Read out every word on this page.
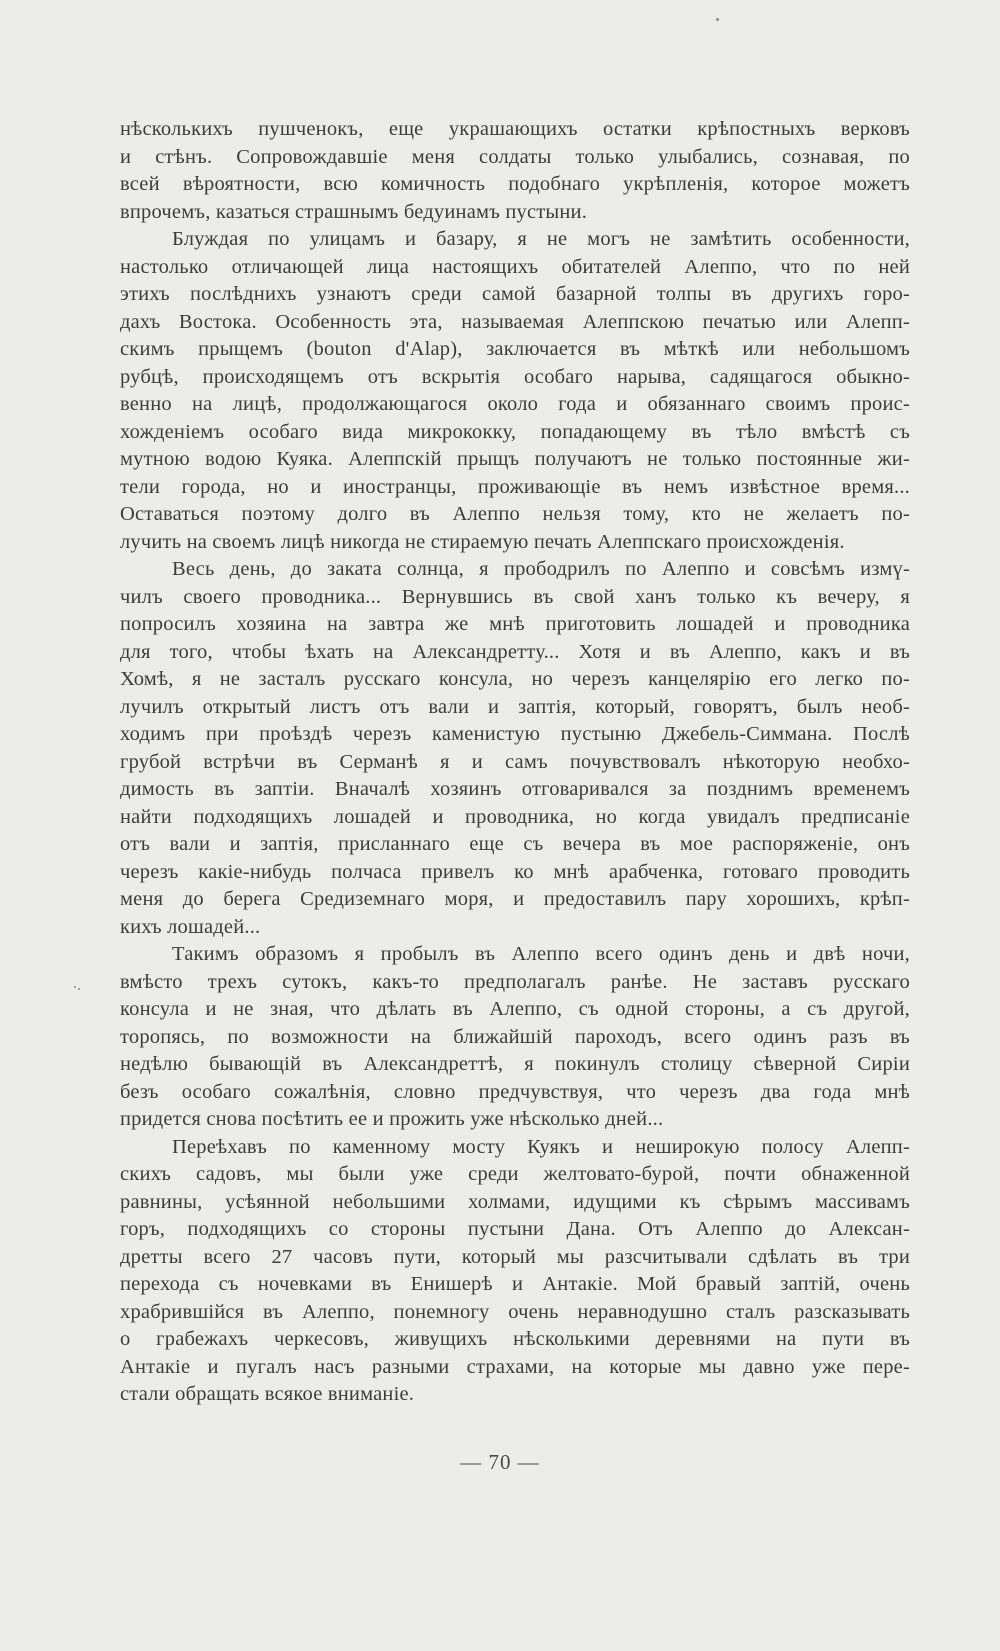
нѣсколькихъ пушченокъ, еще украшающихъ остатки крѣпостныхъ верковъ
и стѣнъ. Сопровождавшіе меня солдаты только улыбались, сознавая, по
всей вѣроятности, всю комичность подобнаго укрѣпленія, которое можетъ
впрочемъ, казаться страшнымъ бедуинамъ пустыни.

Блуждая по улицамъ и базару, я не могъ не замѣтить особенности,
настолько отличающей лица настоящихъ обитателей Алеппо, что по ней
этихъ послѣднихъ узнаютъ среди самой базарной толпы въ другихъ горо-
дахъ Востока. Особенность эта, называемая Алеппскою печатью или Алепп-
скимъ прыщемъ (bouton d'Alap), заключается въ мѣткѣ или небольшомъ
рубцѣ, происходящемъ отъ вскрытія особаго нарыва, садящагося обыкно-
венно на лицѣ, продолжающагося около года и обязаннаго своимъ проис-
хожденіемъ особаго вида микрококку, попадающему въ тѣло вмѣстѣ съ
мутною водою Куяка. Алеппскій прыщъ получаютъ не только постоянные жи-
тели города, но и иностранцы, проживающіе въ немъ извѣстное время...
Оставаться поэтому долго въ Алеппо нельзя тому, кто не желаетъ по-
лучить на своемъ лицѣ никогда не стираемую печать Алеппскаго происхожденія.

Весь день, до заката солнца, я прободрилъ по Алеппо и совсѣмъ измү-
чилъ своего проводника... Вернувшись въ свой ханъ только къ вечеру, я
попросилъ хозяина на завтра же мнѣ приготовить лошадей и проводника
для того, чтобы ѣхать на Александретту... Хотя и въ Алеппо, какъ и въ
Хомѣ, я не засталъ русскаго консула, но черезъ канцелярію его легко по-
лучилъ открытый листъ отъ вали и заптія, который, говорятъ, былъ необ-
ходимъ при проѣздѣ черезъ каменистую пустыню Джебель-Симмана. Послѣ
грубой встрѣчи въ Серманѣ я и самъ почувствовалъ нѣкоторую необхо-
димость въ заптіи. Вначалѣ хозяинъ отговаривался за позднимъ временемъ
найти подходящихъ лошадей и проводника, но когда увидалъ предписаніе
отъ вали и заптія, присланнаго еще съ вечера въ мое распоряженіе, онъ
черезъ какіе-нибудь полчаса привелъ ко мнѣ арабченка, готоваго проводить
меня до берега Средиземнаго моря, и предоставилъ пару хорошихъ, крѣп-
кихъ лошадей...

Такимъ образомъ я пробылъ въ Алеппо всего одинъ день и двѣ ночи,
вмѣсто трехъ сутокъ, какъ-то предполагалъ ранѣе. Не заставъ русскаго
консула и не зная, что дѣлать въ Алеппо, съ одной стороны, а съ другой,
торопясь, по возможности на ближайшій пароходъ, всего одинъ разъ въ
недѣлю бывающій въ Александреттѣ, я покинулъ столицу сѣверной Сиріи
безъ особаго сожалѣнія, словно предчувствуя, что черезъ два года мнѣ
придется снова посѣтить ее и прожить уже нѣсколько дней...

Переѣхавъ по каменному мосту Куякъ и неширокую полосу Алепп-
скихъ садовъ, мы были уже среди желтовато-бурой, почти обнаженной
равнины, усѣянной небольшими холмами, идущими къ сѣрымъ массивамъ
горъ, подходящихъ со стороны пустыни Дана. Отъ Алеппо до Алексан-
дретты всего 27 часовъ пути, который мы разсчитывали сдѣлать въ три
перехода съ ночевками въ Енишерѣ и Антакіе. Мой бравый заптій, очень
храбрившійся въ Алеппо, понемногу очень неравнодушно сталъ разсказывать
о грабежахъ черкесовъ, живущихъ нѣсколькими деревнями на пути въ
Антакіе и пугалъ насъ разными страхами, на которые мы давно уже пере-
стали обращать всякое вниманіе.

— 70 —
